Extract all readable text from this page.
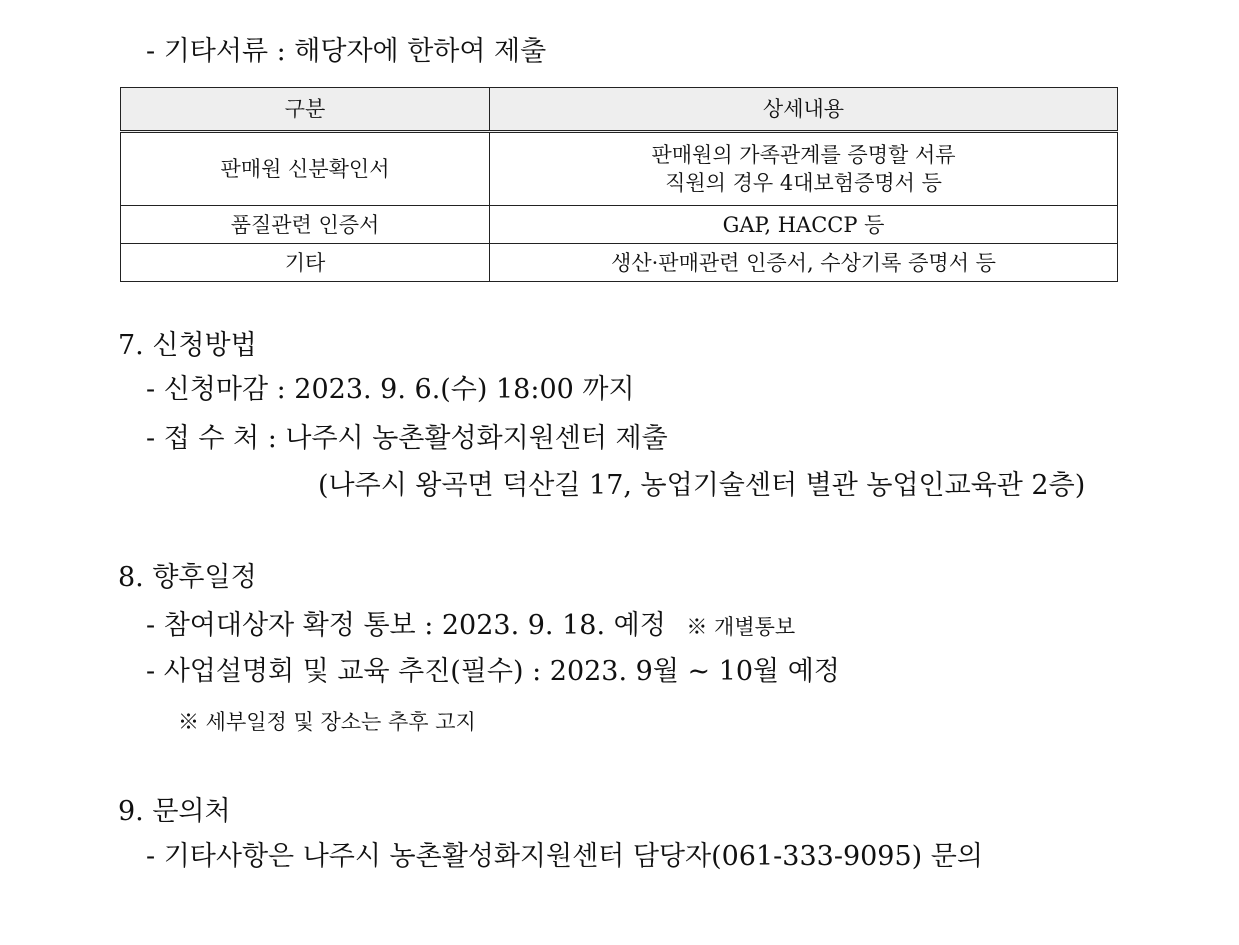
- 기타서류 : 해당자에 한하여 제출
구분	상세내용
판매원 신분확인서	판매원의 가족관계를 증명할 서류
직원의 경우 4대보험증명서 등

품질관련 인증서	GAP, HACCP 등
기타	생산·판매관련 인증서, 수상기록 증명서 등
7. 신청방법
- 신청마감 : 2023. 9. 6.(수) 18:00 까지
- 접 수 처 : 나주시 농촌활성화지원센터 제출
(나주시 왕곡면 덕산길 17, 농업기술센터 별관 농업인교육관 2층)
8. 향후일정
- 참여대상자 확정 통보 : 2023. 9. 18. 예정 ※ 개별통보
- 사업설명회 및 교육 추진(필수) : 2023. 9월 ~ 10월 예정
※ 세부일정 및 장소는 추후 고지
9. 문의처
- 기타사항은 나주시 농촌활성화지원센터 담당자(061-333-9095) 문의
